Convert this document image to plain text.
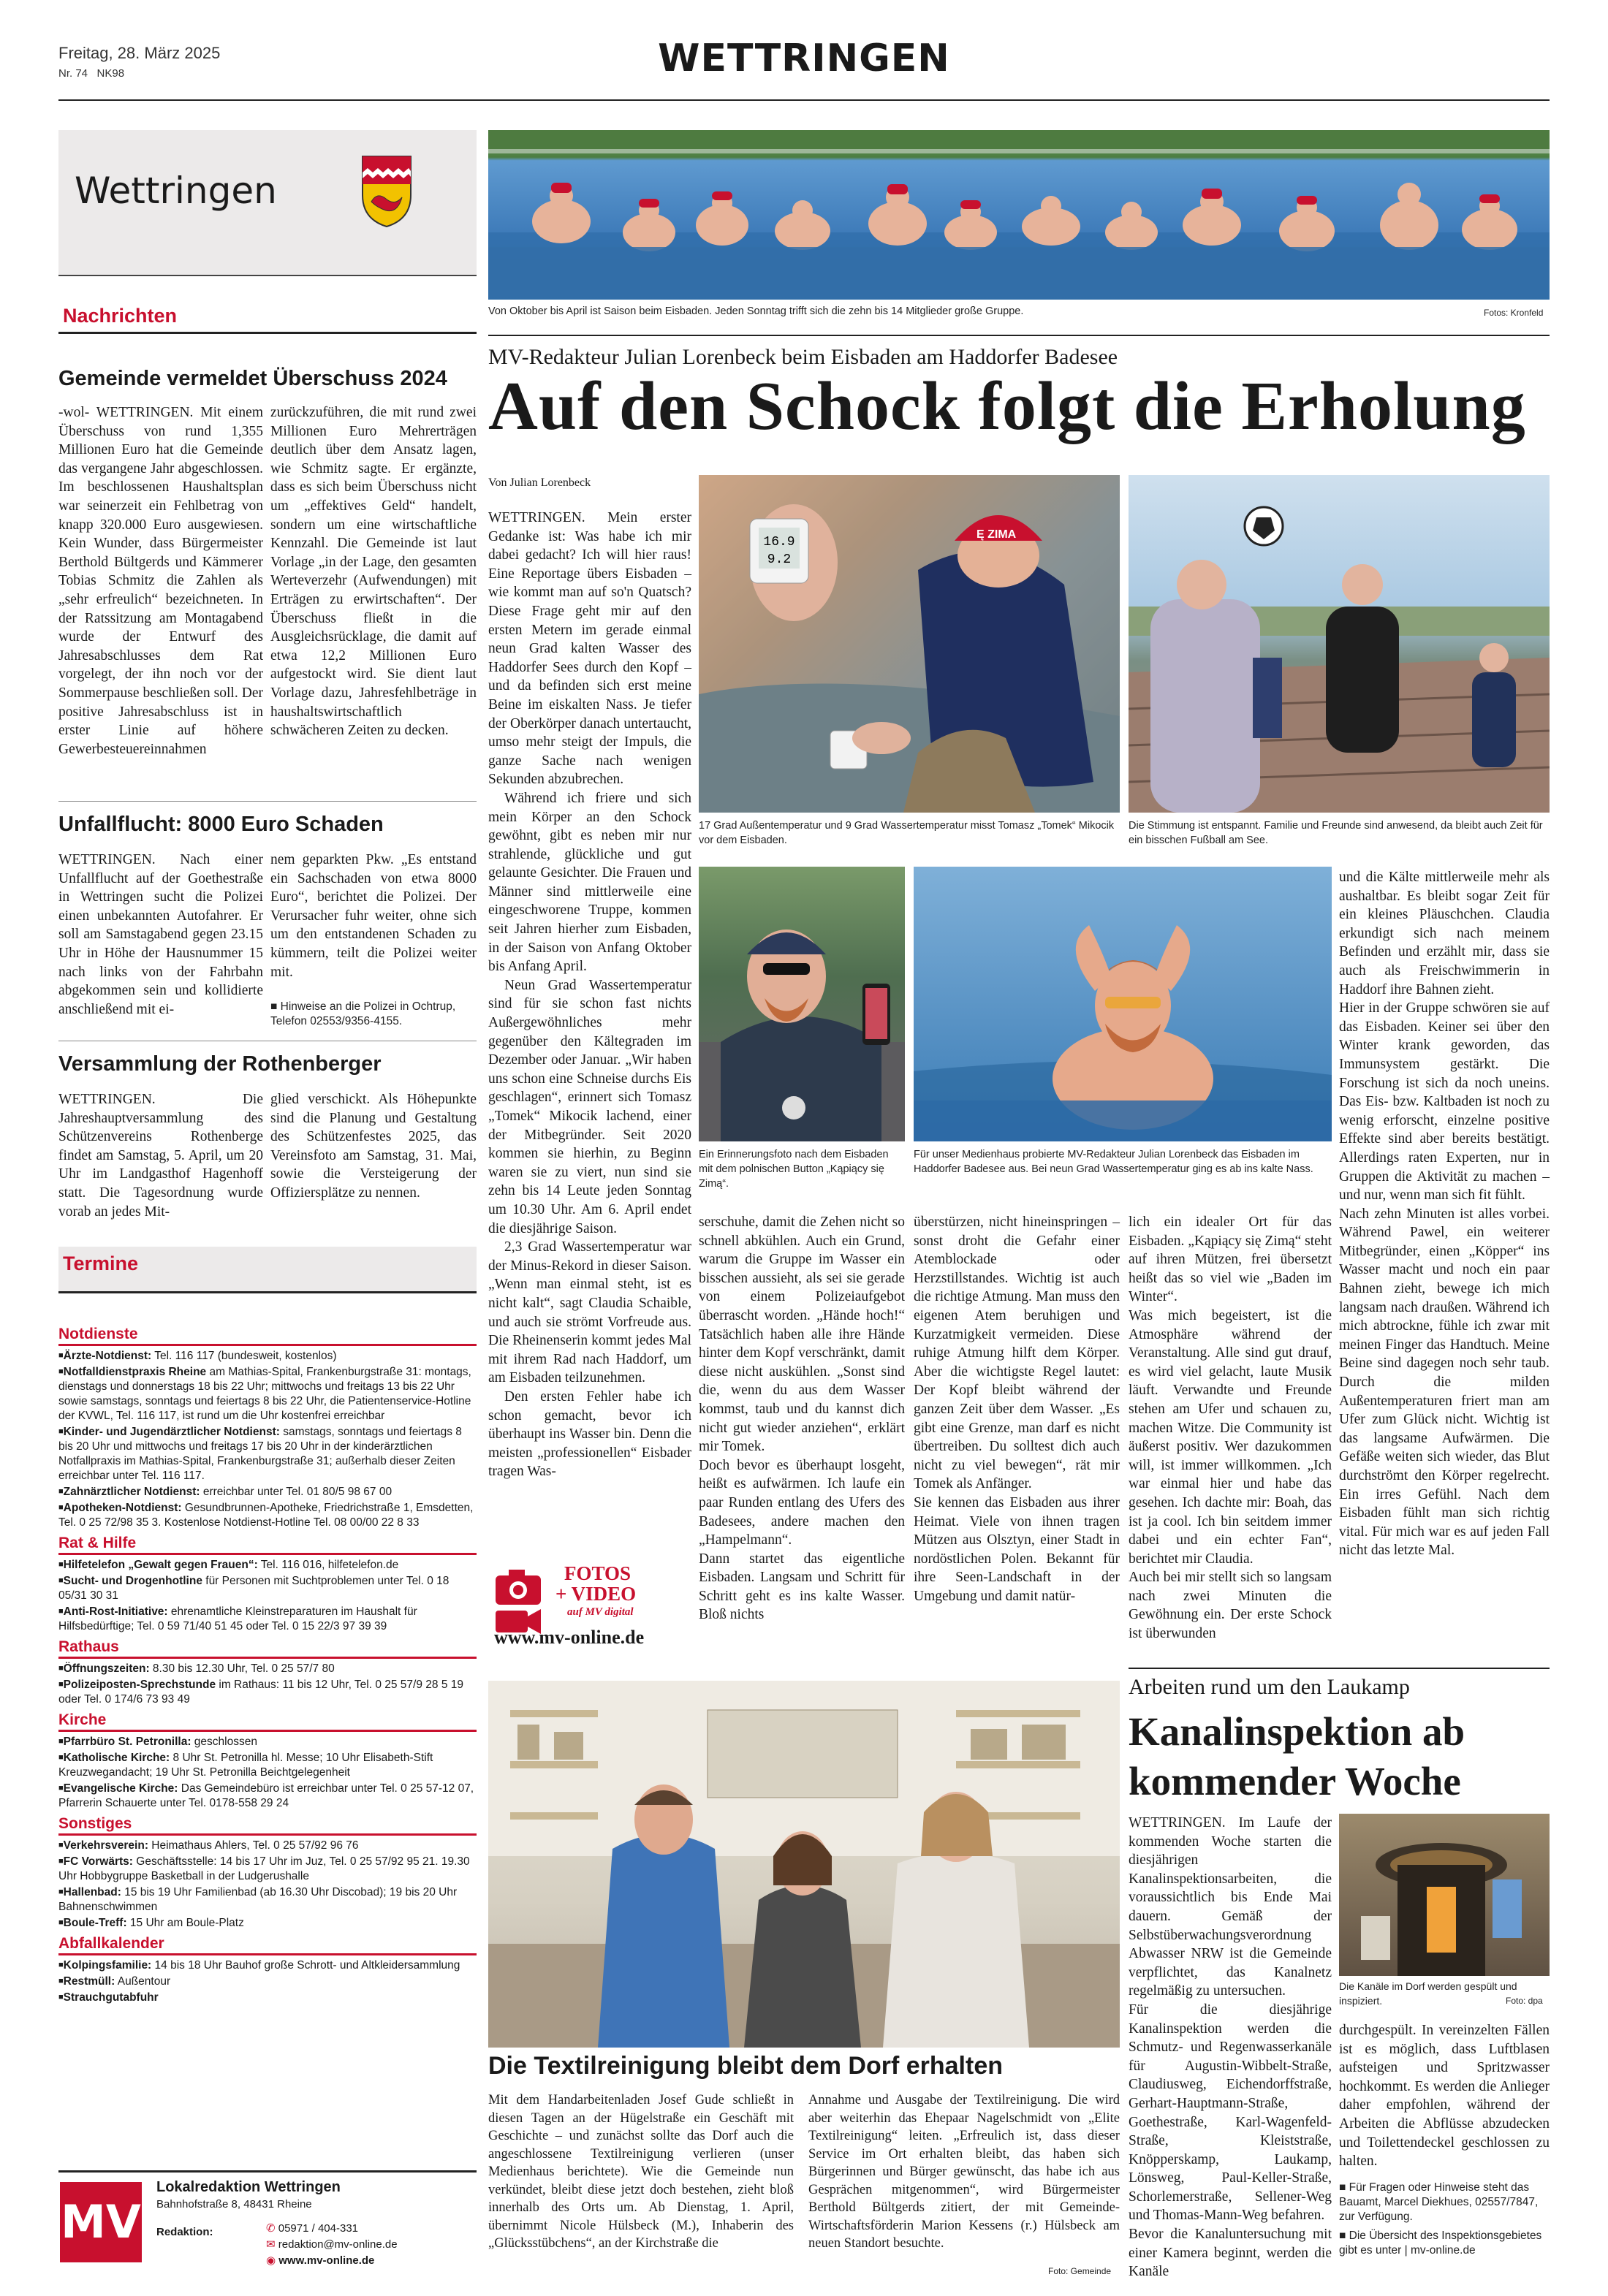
Freitag, 28. März 2025
Nr. 74 NK98	WETTRINGEN
Wettringen
Nachrichten
Gemeinde vermeldet Überschuss 2024
-wol- WETTRINGEN. Mit einem Überschuss von rund 1,355 Millionen Euro hat die Gemeinde das vergangene Jahr abgeschlossen. Im beschlossenen Haushaltsplan war seinerzeit ein Fehlbetrag von knapp 320.000 Euro ausgewiesen. Kein Wunder, dass Bürgermeister Berthold Bültgerds und Kämmerer Tobias Schmitz die Zahlen als „sehr erfreulich“ bezeichneten. In der Ratssitzung am Montagabend wurde der Entwurf des Jahresabschlusses dem Rat vorgelegt, der ihn noch vor der Sommerpause beschließen soll. Der positive Jahresabschluss ist in erster Linie auf höhere Gewerbesteuereinnahmen
zurückzuführen, die mit rund zwei Millionen Euro Mehrerträgen deutlich über dem Ansatz lagen, wie Schmitz sagte. Er ergänzte, dass es sich beim Überschuss nicht um „effektives Geld“ handelt, sondern um eine wirtschaftliche Kennzahl. Die Gemeinde ist laut Vorlage „in der Lage, den gesamten Werteverzehr (Aufwendungen) mit Erträgen zu erwirtschaften“. Der Überschuss fließt in die Ausgleichsrücklage, die damit auf etwa 12,2 Millionen Euro aufgestockt wird. Sie dient laut Vorlage dazu, Jahresfehlbeträge in haushaltswirtschaftlich schwächeren Zeiten zu decken.
Unfallflucht: 8000 Euro Schaden
WETTRINGEN. Nach einer Unfallflucht auf der Goethestraße in Wettringen sucht die Polizei einen unbekannten Autofahrer. Er soll am Samstagabend gegen 23.15 Uhr in Höhe der Hausnummer 15 nach links von der Fahrbahn abgekommen sein und kollidierte anschließend mit ei-
nem geparkten Pkw. „Es entstand ein Sachschaden von etwa 8000 Euro“, berichtet die Polizei. Der Verursacher fuhr weiter, ohne sich um den entstandenen Schaden zu kümmern, teilt die Polizei weiter mit.
■ Hinweise an die Polizei in Ochtrup, Telefon 02553/9356-4155.
Versammlung der Rothenberger
WETTRINGEN. Die Jahreshauptversammlung des Schützenvereins Rothenberge findet am Samstag, 5. April, um 20 Uhr im Landgasthof Hagenhoff statt. Die Tagesordnung wurde vorab an jedes Mit-
glied verschickt. Als Höhepunkte sind die Planung und Gestaltung des Schützenfestes 2025, das Vereinsfoto am Samstag, 31. Mai, sowie die Versteigerung der Offiziersplätze zu nennen.
Termine
Notdienste
■ Ärzte-Notdienst: Tel. 116 117 (bundesweit, kostenlos)
■ Notfalldienstpraxis Rheine am Mathias-Spital, Frankenburgstraße 31: montags, dienstags und donnerstags 18 bis 22 Uhr; mittwochs und freitags 13 bis 22 Uhr sowie samstags, sonntags und feiertags 8 bis 22 Uhr, die Patientenservice-Hotline der KVWL, Tel. 116 117, ist rund um die Uhr kostenfrei erreichbar
■ Kinder- und Jugendärztlicher Notdienst: samstags, sonntags und feiertags 8 bis 20 Uhr und mittwochs und freitags 17 bis 20 Uhr in der kinderärztlichen Notfallpraxis im Mathias-Spital, Frankenburgstraße 31; außerhalb dieser Zeiten erreichbar unter Tel. 116 117.
■ Zahnärztlicher Notdienst: erreichbar unter Tel. 01 80/5 98 67 00
■ Apotheken-Notdienst: Gesundbrunnen-Apotheke, Friedrichstraße 1, Emsdetten, Tel. 0 25 72/98 35 3. Kostenlose Notdienst-Hotline Tel. 08 00/00 22 8 33
Rat & Hilfe
■ Hilfetelefon „Gewalt gegen Frauen“: Tel. 116 016, hilfetelefon.de
■ Sucht- und Drogenhotline für Personen mit Suchtproblemen unter Tel. 0 18 05/31 30 31
■ Anti-Rost-Initiative: ehrenamtliche Kleinstreparaturen im Haushalt für Hilfsbedürftige; Tel. 0 59 71/40 51 45 oder Tel. 0 15 22/3 97 39 39
Rathaus
■ Öffnungszeiten: 8.30 bis 12.30 Uhr, Tel. 0 25 57/7 80
■ Polizeiposten-Sprechstunde im Rathaus: 11 bis 12 Uhr, Tel. 0 25 57/9 28 5 19 oder Tel. 0 174/6 73 93 49
Kirche
■ Pfarrbüro St. Petronilla: geschlossen
■ Katholische Kirche: 8 Uhr St. Petronilla hl. Messe; 10 Uhr Elisabeth-Stift Kreuzwegandacht; 19 Uhr St. Petronilla Beichtgelegenheit
■ Evangelische Kirche: Das Gemeindebüro ist erreichbar unter Tel. 0 25 57-12 07, Pfarrerin Schauerte unter Tel. 0178-558 29 24
Sonstiges
■ Verkehrsverein: Heimathaus Ahlers, Tel. 0 25 57/92 96 76
■ FC Vorwärts: Geschäftsstelle: 14 bis 17 Uhr im Juz, Tel. 0 25 57/92 95 21. 19.30 Uhr Hobbygruppe Basketball in der Ludgerushalle
■ Hallenbad: 15 bis 19 Uhr Familienbad (ab 16.30 Uhr Discobad); 19 bis 20 Uhr Bahnenschwimmen
■ Boule-Treff: 15 Uhr am Boule-Platz
Abfallkalender
■ Kolpingsfamilie: 14 bis 18 Uhr Bauhof große Schrott- und Altkleidersammlung
■ Restmüll: Außentour
■ Strauchgutabfuhr
MV
Lokalredaktion Wettringen
Bahnhofstraße 8, 48431 Rheine
Redaktion:	✆ 05971 / 404-331
✉ redaktion@mv-online.de
◉ www.mv-online.de
Von Oktober bis April ist Saison beim Eisbaden. Jeden Sonntag trifft sich die zehn bis 14 Mitglieder große Gruppe.	Fotos: Kronfeld
MV-Redakteur Julian Lorenbeck beim Eisbaden am Haddorfer Badesee
Auf den Schock folgt die Erholung
Von Julian Lorenbeck

WETTRINGEN. Mein erster Gedanke ist: Was habe ich mir dabei gedacht? Ich will hier raus! Eine Reportage übers Eisbaden – wie kommt man auf so'n Quatsch? Diese Frage geht mir auf den ersten Metern im gerade einmal neun Grad kalten Wasser des Haddorfer Sees durch den Kopf – und da befinden sich erst meine Beine im eiskalten Nass. Je tiefer der Oberkörper danach untertaucht, umso mehr steigt der Impuls, die ganze Sache nach wenigen Sekunden abzubrechen.

Während ich friere und sich mein Körper an den Schock gewöhnt, gibt es neben mir nur strahlende, glückliche und gut gelaunte Gesichter. Die Frauen und Männer sind mittlerweile eine eingeschworene Truppe, kommen seit Jahren hierher zum Eisbaden, in der Saison von Anfang Oktober bis Anfang April.

Neun Grad Wassertemperatur sind für sie schon fast nichts Außergewöhnliches mehr gegenüber den Kältegraden im Dezember oder Januar. „Wir haben uns schon eine Schneise durchs Eis geschlagen“, erinnert sich Tomasz „Tomek“ Mikocik lachend, einer der Mitbegründer. Seit 2020 kommen sie hierhin, zu Beginn waren sie zu viert, nun sind sie zehn bis 14 Leute jeden Sonntag um 10.30 Uhr. Am 6. April endet die diesjährige Saison.

2,3 Grad Wassertemperatur war der Minus-Rekord in dieser Saison. „Wenn man einmal steht, ist es nicht kalt“, sagt Claudia Schaible, und auch sie strömt Vorfreude aus. Die Rheinenserin kommt jedes Mal mit ihrem Rad nach Haddorf, um am Eisbaden teilzunehmen.

Den ersten Fehler habe ich schon gemacht, bevor ich überhaupt ins Wasser bin. Denn die meisten „professionellen“ Eisbader tragen Was-

16.9
9.2
Ę ZIMA
17 Grad Außentemperatur und 9 Grad Wassertemperatur misst Tomasz „Tomek“ Mikocik vor dem Eisbaden.
Die Stimmung ist entspannt. Familie und Freunde sind anwesend, da bleibt auch Zeit für ein bisschen Fußball am See.
Ein Erinnerungsfoto nach dem Eisbaden mit dem polnischen Button „Kąpiący się Zimą“.
Für unser Medienhaus probierte MV-Redakteur Julian Lorenbeck das Eisbaden im Haddorfer Badesee aus. Bei neun Grad Wassertemperatur ging es ab ins kalte Nass.
serschuhe, damit die Zehen nicht so schnell abkühlen. Auch ein Grund, warum die Gruppe im Wasser ein bisschen aussieht, als sei sie gerade von einem Polizeiaufgebot überrascht worden. „Hände hoch!“ Tatsächlich haben alle ihre Hände hinter dem Kopf verschränkt, damit diese nicht auskühlen. „Sonst sind die, wenn du aus dem Wasser kommst, taub und du kannst dich nicht gut wieder anziehen“, erklärt mir Tomek.
Doch bevor es überhaupt losgeht, heißt es aufwärmen. Ich laufe ein paar Runden entlang des Ufers des Badesees, andere machen den „Hampelmann“.
Dann startet das eigentliche Eisbaden. Langsam und Schritt für Schritt geht es ins kalte Wasser. Bloß nichts
überstürzen, nicht hineinspringen – sonst droht die Gefahr einer Atemblockade oder Herzstillstandes. Wichtig ist auch die richtige Atmung. Man muss den eigenen Atem beruhigen und Kurzatmigkeit vermeiden. Diese ruhige Atmung hilft dem Körper. Aber die wichtigste Regel lautet: Der Kopf bleibt während der ganzen Zeit über dem Wasser. „Es gibt eine Grenze, man darf es nicht übertreiben. Du solltest dich auch nicht zu viel bewegen“, rät mir Tomek als Anfänger.
Sie kennen das Eisbaden aus ihrer Heimat. Viele von ihnen tragen Mützen aus Olsztyn, einer Stadt in nordöstlichen Polen. Bekannt für ihre Seen-Landschaft in der Umgebung und damit natür-
lich ein idealer Ort für das Eisbaden. „Kąpiący się Zimą“ steht auf ihren Mützen, frei übersetzt heißt das so viel wie „Baden im Winter“.
Was mich begeistert, ist die Atmosphäre während der Veranstaltung. Alle sind gut drauf, es wird viel gelacht, laute Musik läuft. Verwandte und Freunde stehen am Ufer und schauen zu, machen Witze. Die Community ist äußerst positiv. Wer dazukommen will, ist immer willkommen. „Ich war einmal hier und habe das gesehen. Ich dachte mir: Boah, das ist ja cool. Ich bin seitdem immer dabei und ein echter Fan“, berichtet mir Claudia.
Auch bei mir stellt sich so langsam nach zwei Minuten die Gewöhnung ein. Der erste Schock ist überwunden
und die Kälte mittlerweile mehr als aushaltbar. Es bleibt sogar Zeit für ein kleines Pläuschchen. Claudia erkundigt sich nach meinem Befinden und erzählt mir, dass sie auch als Freischwimmerin in Haddorf ihre Bahnen zieht.
Hier in der Gruppe schwören sie auf das Eisbaden. Keiner sei über den Winter krank geworden, das Immunsystem gestärkt. Die Forschung ist sich da noch uneins. Das Eis- bzw. Kaltbaden ist noch zu wenig erforscht, einzelne positive Effekte sind aber bereits bestätigt. Allerdings raten Experten, nur in Gruppen die Aktivität zu machen – und nur, wenn man sich fit fühlt.
Nach zehn Minuten ist alles vorbei. Während Pawel, ein weiterer Mitbegründer, einen „Köpper“ ins Wasser macht und noch ein paar Bahnen zieht, bewege ich mich langsam nach draußen. Während ich mich abtrockne, fühle ich zwar mit meinen Finger das Handtuch. Meine Beine sind dagegen noch sehr taub. Durch die milden Außentemperaturen friert man am Ufer zum Glück nicht. Wichtig ist das langsame Aufwärmen. Die Gefäße weiten sich wieder, das Blut durchströmt den Körper regelrecht. Ein irres Gefühl. Nach dem Eisbaden fühlt man sich richtig vital. Für mich war es auf jeden Fall nicht das letzte Mal.
FOTOS
+ VIDEO
auf MV digital
www.mv-online.de
Arbeiten rund um den Laukamp
Kanalinspektion ab kommender Woche
WETTRINGEN. Im Laufe der kommenden Woche starten die diesjährigen Kanalinspektionsarbeiten, die voraussichtlich bis Ende Mai dauern. Gemäß der Selbstüberwachungsverordnung Abwasser NRW ist die Gemeinde verpflichtet, das Kanalnetz regelmäßig zu untersuchen.
Für die diesjährige Kanalinspektion werden die Schmutz- und Regenwasserkanäle für Augustin-Wibbelt-Straße, Claudiusweg, Eichendorffstraße, Gerhart-Hauptmann-Straße, Goethestraße, Karl-Wagenfeld-Straße, Kleiststraße, Knöpperskamp, Laukamp, Lönsweg, Paul-Keller-Straße, Schorlemerstraße, Sellener-Weg und Thomas-Mann-Weg befahren.
Bevor die Kanaluntersuchung mit einer Kamera beginnt, werden die Kanäle
Die Kanäle im Dorf werden gespült und inspiziert.	Foto: dpa
durchgespült. In vereinzelten Fällen ist es möglich, dass Luftblasen aufsteigen und Spritzwasser hochkommt. Es werden die Anlieger daher empfohlen, während der Arbeiten die Abflüsse abzudecken und Toilettendeckel geschlossen zu halten.
■ Für Fragen oder Hinweise steht das Bauamt, Marcel Diekhues, 02557/7847, zur Verfügung.
■ Die Übersicht des Inspektionsgebietes gibt es unter | mv-online.de
Die Textilreinigung bleibt dem Dorf erhalten
Mit dem Handarbeitenladen Josef Gude schließt in diesen Tagen an der Hügelstraße ein Geschäft mit Geschichte – und zunächst sollte das Dorf auch die angeschlossene Textilreinigung verlieren (unser Medienhaus berichtete). Wie die Gemeinde nun verkündet, bleibt diese jetzt doch bestehen, zieht bloß innerhalb des Orts um. Ab Dienstag, 1. April, übernimmt Nicole Hülsbeck (M.), Inhaberin des „Glücksstübchens“, an der Kirchstraße die
Annahme und Ausgabe der Textilreinigung. Die wird aber weiterhin das Ehepaar Nagelschmidt von „Elite Textilreinigung“ leiten. „Erfreulich ist, dass dieser Service im Ort erhalten bleibt, das haben sich Bürgerinnen und Bürger gewünscht, das habe ich aus Gesprächen mitgenommen“, wird Bürgermeister Berthold Bültgerds zitiert, der mit Gemeinde-Wirtschaftsförderin Marion Kessens (r.) Hülsbeck am neuen Standort besuchte.
Foto: Gemeinde
